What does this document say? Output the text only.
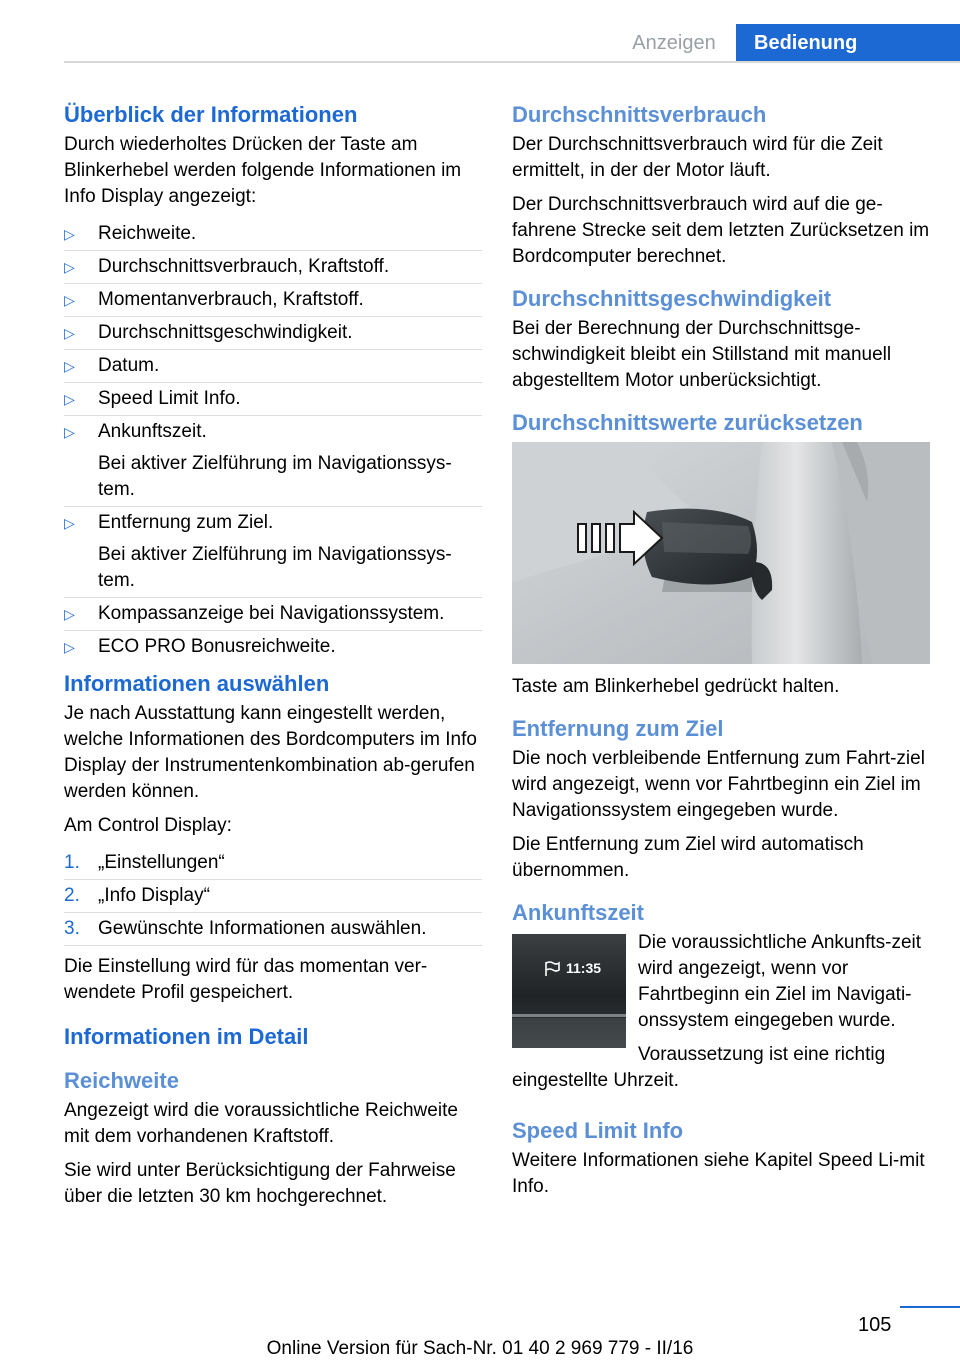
Anzeigen	Bedienung
Überblick der Informationen

Durch wiederholtes Drücken der Taste am Blinkerhebel werden folgende Informationen im Info Display angezeigt:

▷ Reichweite.
▷ Durchschnittsverbrauch, Kraftstoff.
▷ Momentanverbrauch, Kraftstoff.
▷ Durchschnittsgeschwindigkeit.
▷ Datum.
▷ Speed Limit Info.
▷ Ankunftszeit.
Bei aktiver Zielführung im Navigationssys‐tem.
▷ Entfernung zum Ziel.
Bei aktiver Zielführung im Navigationssys‐tem.
▷ Kompassanzeige bei Navigationssystem.
▷ ECO PRO Bonusreichweite.
Informationen auswählen

Je nach Ausstattung kann eingestellt werden, welche Informationen des Bordcomputers im Info Display der Instrumentenkombination ab‐gerufen werden können.

Am Control Display:

1. „Einstellungen“
2. „Info Display“
3. Gewünschte Informationen auswählen.

Die Einstellung wird für das momentan ver‐wendete Profil gespeichert.

Informationen im Detail
Reichweite

Angezeigt wird die voraussichtliche Reichweite mit dem vorhandenen Kraftstoff.

Sie wird unter Berücksichtigung der Fahrweise über die letzten 30 km hochgerechnet.

Durchschnittsverbrauch

Der Durchschnittsverbrauch wird für die Zeit ermittelt, in der der Motor läuft.

Der Durchschnittsverbrauch wird auf die ge‐fahrene Strecke seit dem letzten Zurücksetzen im Bordcomputer berechnet.

Durchschnittsgeschwindigkeit

Bei der Berechnung der Durchschnittsge‐schwindigkeit bleibt ein Stillstand mit manuell abgestelltem Motor unberücksichtigt.

Durchschnittswerte zurücksetzen

Taste am Blinkerhebel gedrückt halten.

Entfernung zum Ziel

Die noch verbleibende Entfernung zum Fahrt‐ziel wird angezeigt, wenn vor Fahrtbeginn ein Ziel im Navigationssystem eingegeben wurde.

Die Entfernung zum Ziel wird automatisch übernommen.

Ankunftszeit
11:35

Die voraussichtliche Ankunfts‐zeit wird angezeigt, wenn vor Fahrtbeginn ein Ziel im Navigati‐onssystem eingegeben wurde.

Voraussetzung ist eine richtig eingestellte Uhrzeit.

Speed Limit Info

Weitere Informationen siehe Kapitel Speed Li‐mit Info.

105
Online Version für Sach-Nr. 01 40 2 969 779 - II/16
